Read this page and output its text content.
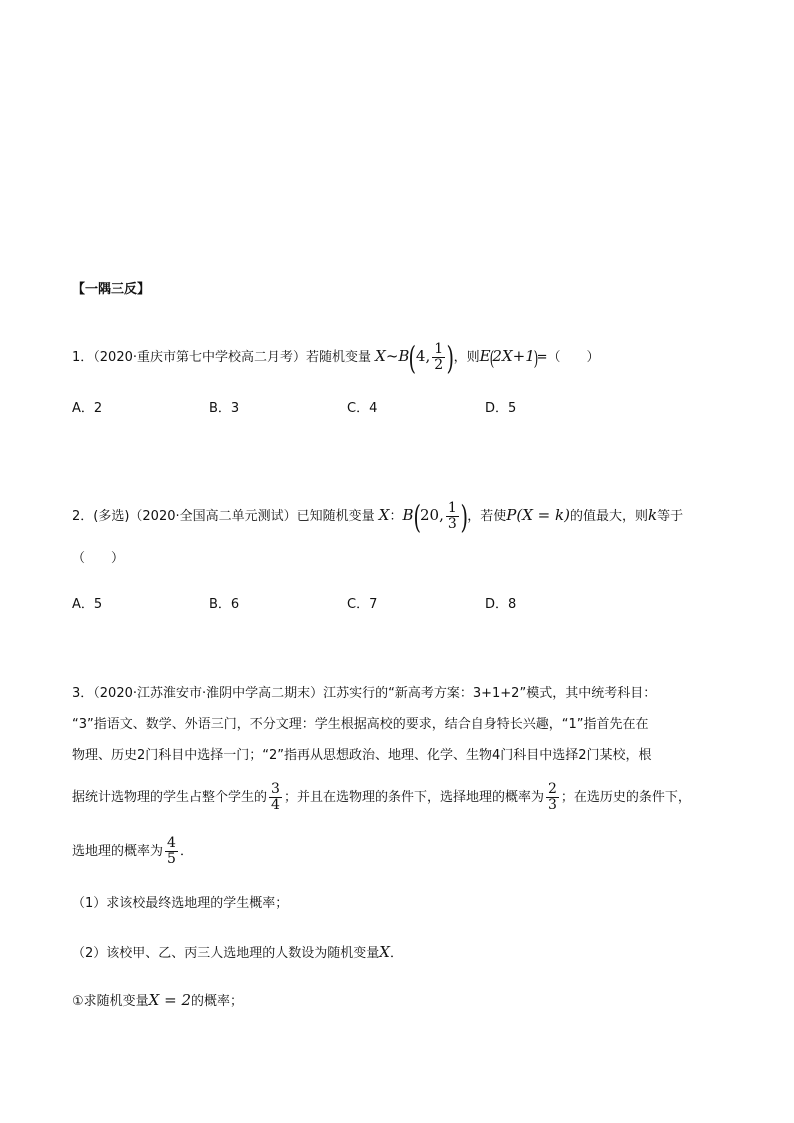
【一隅三反】
1．（2020·重庆市第七中学校高二月考）若随机变量 X~B(4, $\frac{1}{2}$ )，则E(2X+1)=（　　）
A．2	B．3	C．4	D．5
2．(多选)（2020·全国高二单元测试）已知随机变量 X：B(20, $\frac{1}{3}$ )，若使P(X = k)的值最大，则k等于
（　　）
A．5	B．6	C．7	D．8
3．（2020·江苏淮安市·淮阴中学高二期末）江苏实行的“新高考方案：3+1+2”模式，其中统考科目：
“3”指语文、数学、外语三门，不分文理：学生根据高校的要求，结合自身特长兴趣，“1”指首先在在
物理、历史2门科目中选择一门；“2”指再从思想政治、地理、化学、生物4门科目中选择2门某校，根
据统计选物理的学生占整个学生的 $\frac{3}{4}$ ；并且在选物理的条件下，选择地理的概率为 $\frac{2}{3}$ ；在选历史的条件下，
选地理的概率为 $\frac{4}{5}$ ．
（1）求该校最终选地理的学生概率；
（2）该校甲、乙、丙三人选地理的人数设为随机变量X．
①求随机变量X = 2的概率；
